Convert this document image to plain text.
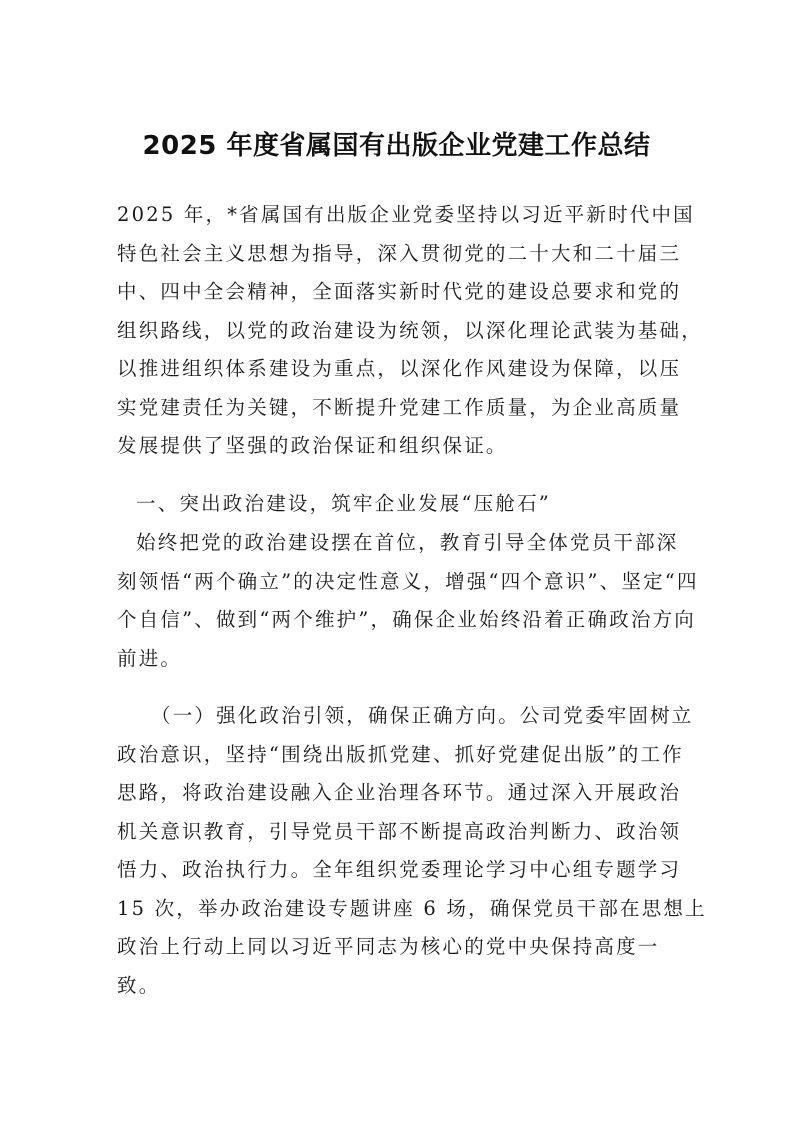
2025 年度省属国有出版企业党建工作总结
2025 年，*省属国有出版企业党委坚持以习近平新时代中国
特色社会主义思想为指导，深入贯彻党的二十大和二十届三
中、四中全会精神，全面落实新时代党的建设总要求和党的
组织路线，以党的政治建设为统领，以深化理论武装为基础，
以推进组织体系建设为重点，以深化作风建设为保障，以压
实党建责任为关键，不断提升党建工作质量，为企业高质量
发展提供了坚强的政治保证和组织保证。
一、突出政治建设，筑牢企业发展“压舱石”
始终把党的政治建设摆在首位，教育引导全体党员干部深
刻领悟“两个确立”的决定性意义，增强“四个意识”、坚定“四
个自信”、做到“两个维护”，确保企业始终沿着正确政治方向
前进。
（一）强化政治引领，确保正确方向。公司党委牢固树立
政治意识，坚持“围绕出版抓党建、抓好党建促出版”的工作
思路，将政治建设融入企业治理各环节。通过深入开展政治
机关意识教育，引导党员干部不断提高政治判断力、政治领
悟力、政治执行力。全年组织党委理论学习中心组专题学习
15 次，举办政治建设专题讲座 6 场，确保党员干部在思想上
政治上行动上同以习近平同志为核心的党中央保持高度一
致。
